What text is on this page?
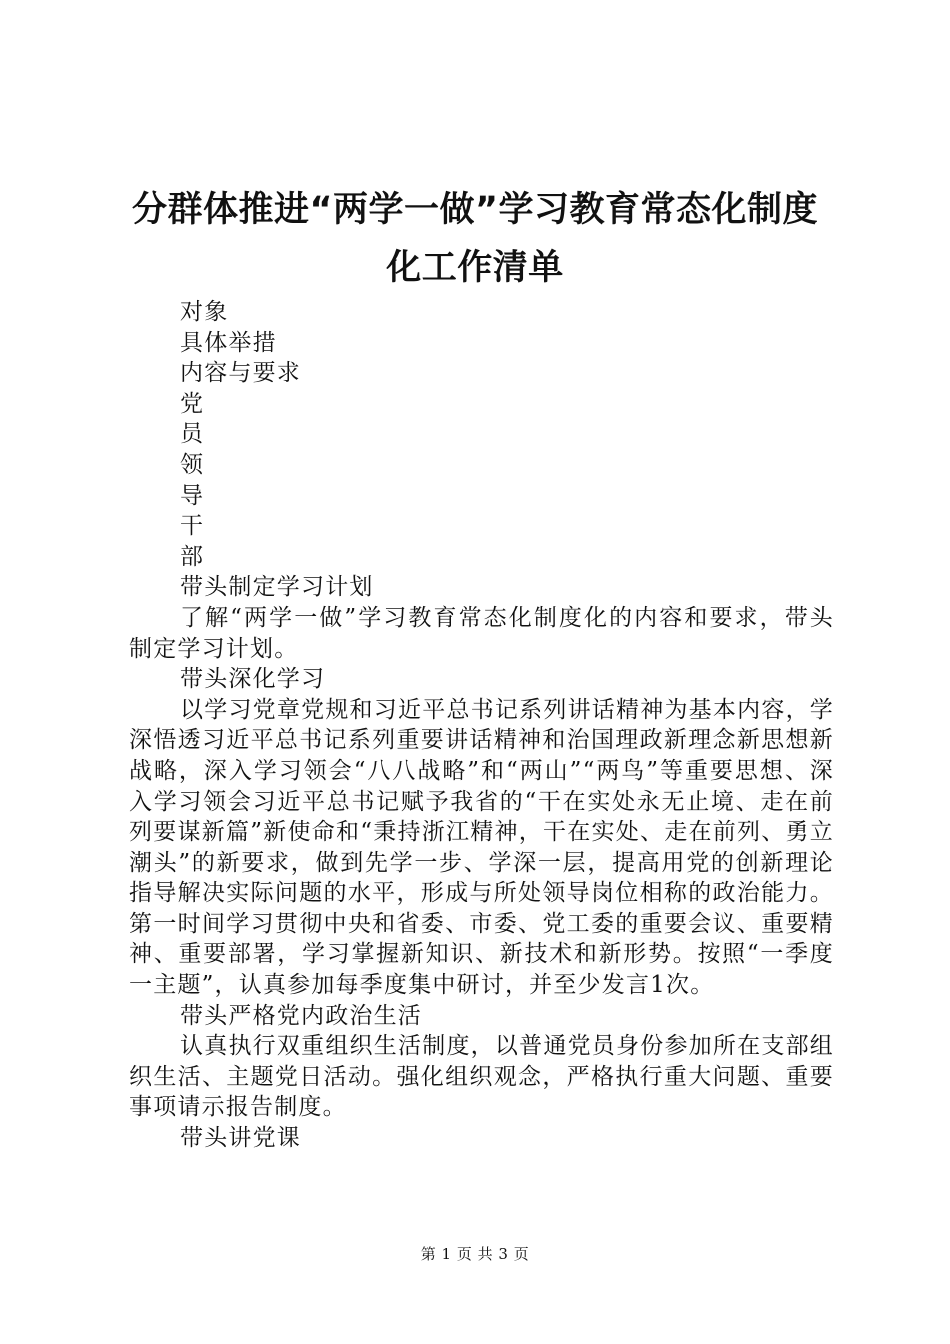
分群体推进“两学一做”学习教育常态化制度
化工作清单

对象

具体举措

内容与要求

党

员

领

导

干

部

带头制定学习计划

了解“两学一做”学习教育常态化制度化的内容和要求，带头制定学习计划。

带头深化学习

以学习党章党规和习近平总书记系列讲话精神为基本内容，学深悟透习近平总书记系列重要讲话精神和治国理政新理念新思想新战略，深入学习领会“八八战略”和“两山”“两鸟”等重要思想、深入学习领会习近平总书记赋予我省的“干在实处永无止境、走在前列要谋新篇”新使命和“秉持浙江精神，干在实处、走在前列、勇立潮头”的新要求，做到先学一步、学深一层，提高用党的创新理论指导解决实际问题的水平，形成与所处领导岗位相称的政治能力。第一时间学习贯彻中央和省委、市委、党工委的重要会议、重要精神、重要部署，学习掌握新知识、新技术和新形势。按照“一季度一主题”，认真参加每季度集中研讨，并至少发言1次。

带头严格党内政治生活

认真执行双重组织生活制度，以普通党员身份参加所在支部组织生活、主题党日活动。强化组织观念，严格执行重大问题、重要事项请示报告制度。

带头讲党课

第 1 页 共 3 页
